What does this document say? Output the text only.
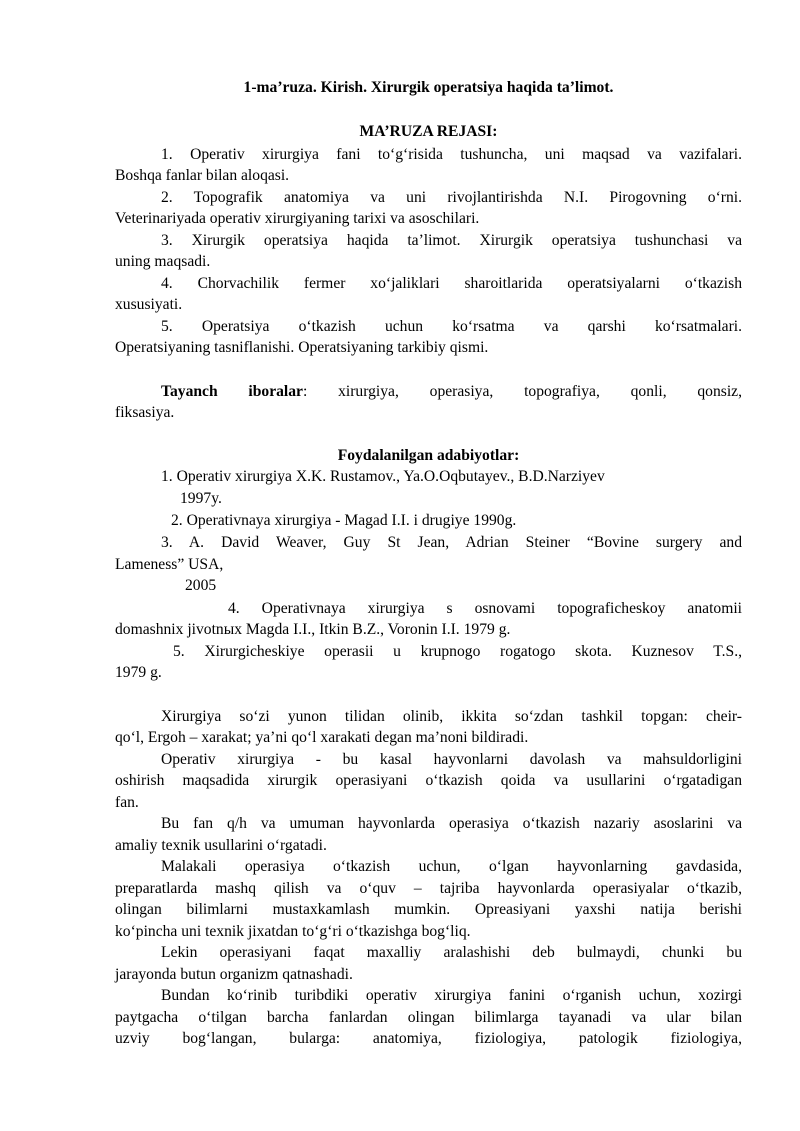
1-ma’ruza. Kirish. Xirurgik operatsiya haqida ta’limot.
MA’RUZA REJASI:
1. Operativ xirurgiya fani to‘g‘risida tushuncha, uni maqsad va vazifalari.
Boshqa fanlar bilan aloqasi.
2. Topografik anatomiya va uni rivojlantirishda N.I. Pirogovning o‘rni.
Veterinariyada operativ xirurgiyaning tarixi va asoschilari.
3. Xirurgik operatsiya haqida ta’limot. Xirurgik operatsiya tushunchasi va
uning maqsadi.
4. Chorvachilik fermer xo‘jaliklari sharoitlarida operatsiyalarni o‘tkazish
xususiyati.
5. Operatsiya o‘tkazish uchun ko‘rsatma va qarshi ko‘rsatmalari.
Operatsiyaning tasniflanishi. Operatsiyaning tarkibiy qismi.
Tayanch iboralar: xirurgiya, operasiya, topografiya, qonli, qonsiz,
fiksasiya.
Foydalanilgan adabiyotlar:
1. Operativ xirurgiya X.K. Rustamov., Ya.O.Oqbutayev., B.D.Narziyev
1997y.
2. Operativnaya xirurgiya - Magad I.I. i drugiye 1990g.
3. A. David Weaver, Guy St Jean, Adrian Steiner “Bovine surgery and
Lameness” USA,
2005
4. Operativnaya xirurgiya s osnovami topograficheskoy anatomii
domashnix jivotnых Magda I.I., Itkin B.Z., Voronin I.I. 1979 g.
5. Xirurgicheskiye operasii u krupnogo rogatogo skota. Kuznesov T.S.,
1979 g.
Xirurgiya so‘zi yunon tilidan olinib, ikkita so‘zdan tashkil topgan: cheir-
qo‘l, Ergoh – xarakat; ya’ni qo‘l xarakati degan ma’noni bildiradi.
Operativ xirurgiya - bu kasal hayvonlarni davolash va mahsuldorligini
oshirish maqsadida xirurgik operasiyani o‘tkazish qoida va usullarini o‘rgatadigan
fan.
Bu fan q/h va umuman hayvonlarda operasiya o‘tkazish nazariy asoslarini va
amaliy texnik usullarini o‘rgatadi.
Malakali operasiya o‘tkazish uchun, o‘lgan hayvonlarning gavdasida,
preparatlarda mashq qilish va o‘quv – tajriba hayvonlarda operasiyalar o‘tkazib,
olingan bilimlarni mustaxkamlash mumkin. Opreasiyani yaxshi natija berishi
ko‘pincha uni texnik jixatdan to‘g‘ri o‘tkazishga bog‘liq.
Lekin operasiyani faqat maxalliy aralashishi deb bulmaydi, chunki bu
jarayonda butun organizm qatnashadi.
Bundan ko‘rinib turibdiki operativ xirurgiya fanini o‘rganish uchun, xozirgi
paytgacha o‘tilgan barcha fanlardan olingan bilimlarga tayanadi va ular bilan
uzviy bog‘langan, bularga: anatomiya, fiziologiya, patologik fiziologiya,
